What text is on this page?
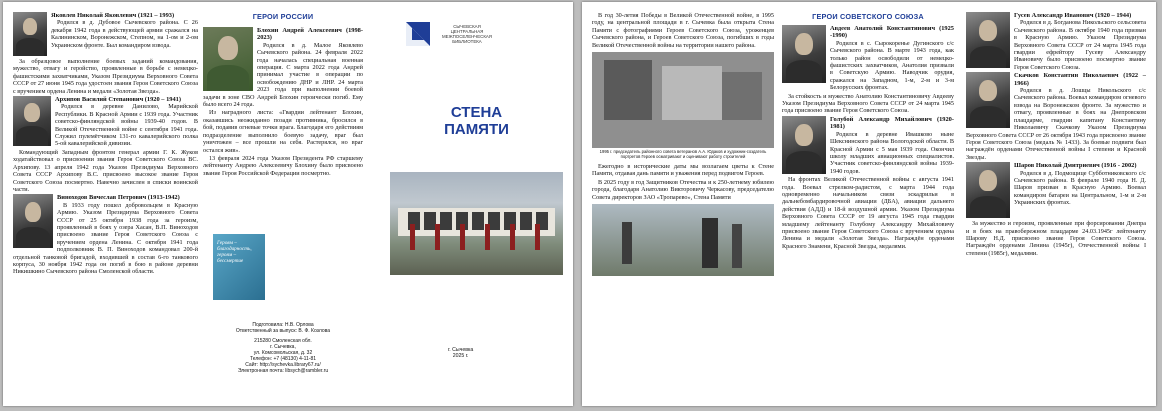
Яковлев Николай Яковлевич (1921 – 1993)

Родился в д. Дубовое Сычевского района. С 26 декабря 1942 года в действующей армии сражался на Калининском, Воронежском, Степном, на 1-ом и 2-ом Украинском фронте. Был командиром взвода.

За образцовое выполнение боевых заданий командования, мужество, отвагу и геройство, проявленные в борьбе с немецко-фашистскими захватчиками, Указом Президиума Верховного Совета СССР от 27 июня 1945 года удостоен звания Героя Советского Союза с вручением ордена Ленина и медали «Золотая Звезда».

Архипов Василий Степанович (1920 – 1941)

Родился в деревне Данилово, Марийской Республики. В Красной Армии с 1939 года. Участник советско-финляндской войны 1939-40 годов. В Великой Отечественной войне с сентября 1941 года. Служил пулемётчиком 131-го кавалерийского полка 5-ой кавалерийской дивизии.

Командующий Западным фронтом генерал армии Г. К. Жуков ходатайствовал о присвоении звания Героя Советского Союза ВС. Архипову. 13 апреля 1942 года Указом Президиума Верховного Совета СССР Архипову В.С. присвоено высокое звание Героя Советского Союза посмертно. Навечно зачислен в списки воинской части.

Виноходов Вячеслав Петрович (1913-1942)

В 1933 году пошел добровольцем в Красную Армию. Указом Президиума Верховного Совета СССР от 25 октября 1938 года за героизм, проявленный в боях у озера Хасан, В.П. Виноходов присвоено звание Героя Советского Союза с вручением ордена Ленина. С октября 1941 года подполковник В. П. Виноходов командовал 200-й отдельной танковой бригадой, входившей в состав 6-го танкового корпуса, 30 ноября 1942 года он погиб в бою в районе деревни Никишкино Сычевского района Смоленской области.

ГЕРОИ РОССИИ
Блохин Андрей Алексеевич (1998-2023)

Родился в д. Малое Яковлево Сычевского района. 24 февраля 2022 года началась специальная военная операция. С марта 2022 года Андрей принимал участие в операции по освобождению ДНР и ЛНР. 24 марта 2023 года при выполнении боевой задачи в зоне СВО Андрей Блохин героически погиб. Ему было всего 24 года.

Из наградного листа: «Гвардии лейтенант Блохин, оказавшись неожиданно позади противника, бросился в бой, подавив огневые точки врага. Благодаря его действиям подразделение выполнило боевую задачу, враг был уничтожен – все прошли на себя. Растерялся, но враг остался жив».

13 февраля 2024 года Указом Президента РФ старшему лейтенанту Андрею Алексеевичу Блохину было присвоено звание Героя Российской Федерации посмертно.

Героям – благодарность, героям – бессмертие
Подготовила: Н.В. Орлова
Ответственный за выпуск: В. Ф. Козлова
215280 Смоленская обл.
г. Сычевка,
ул. Комсомольская, д. 32
Телефон: +7 (48130) 4-11-81
Сайт: http://sychevka.library67.ru/
Электронная почта: libsych@rambler.ru
СЫЧЕВСКАЯ ЦЕНТРАЛЬНАЯ МЕЖПОСЕЛЕНЧЕСКАЯ БИБЛИОТЕКА
СТЕНА
ПАМЯТИ
г. Сычевка
2025 г.

В год 30-летия Победы в Великой Отечественной войне, в 1995 году, на центральной площади в г. Сычевка была открыта Стена Памяти с фотографиями Героев Советского Союза, уроженцев Сычевского района, и Героев Советского Союза, погибших в годы Великой Отечественной войны на территории нашего района.

1995 г. председатель районного совета ветеранов А.А. Юдаков и художник-создатель портретов Героев осматривают и оценивают работу строителей

Ежегодно в исторические даты мы возлагаем цветы к Стене Памяти, отдавая дань памяти и уважения перед подвигом Героев.

В 2025 году в год Защитников Отечества и к 250-летнему юбилею города, благодаря Анатолию Викторовичу Черкасову, председателю Совета директоров ЗАО «Тропарево», Стена Памяти

ГЕРОИ СОВЕТСКОГО СОЮЗА
Авдеев Анатолий Константинович (1925 -1990)

Родился в с. Сырокоренье Дугинского с/с Сычевского района. В марте 1943 года, как только район освободили от немецко-фашистских захватчиков, Анатолия призвали в Советскую Армию. Наводчик орудия, сражался на Западном, 1-м, 2-м и 3-м Белорусских фронтах.

За стойкость и мужество Анатолию Константиновичу Авдееву Указом Президиума Верховного Совета СССР от 24 марта 1945 года присвоено звание Героя Советского Союза.

Голубой Александр Михайлович (1920-1981)

Родился в деревне Ивашково ныне Шекснинского района Вологодской области. В Красной Армии с 5 мая 1939 года. Окончил школу младших авиационных специалистов. Участник советско-финляндской войны 1939-1940 годов.

На фронтах Великой Отечественной войны с августа 1941 года. Воевал стрелком-радистом, с марта 1944 года одновременно начальником связи эскадрильи в дальнебомбардировочной авиации (ДБА), авиации дальнего действия (АДД) и 18-й воздушной армии. Указом Президиума Верховного Совета СССР от 19 августа 1945 года гвардии младшему лейтенанту Голубому Александру Михайловичу присвоено звание Героя Советского Союза с вручением ордена Ленина и медали «Золотая Звезда». Награждён орденами Красного Знамени, Красной Звезды, медалями.

Гусев Александр Иванович (1920 – 1944)

Родился в д. Богданова Никольского сельсовета Сычевского района. В октябре 1940 года призван в Красную Армию. Указом Президиума Верховного Совета СССР от 24 марта 1945 года гвардии ефрейтору Гусеву Александру Ивановичу было присвоено посмертно звание Героя Советского Союза.

Скачков Константин Николаевич (1922 –1966)

Родился в д. Лошцы Никольского с/с Сычевского района. Воевал командиром огневого взвода на Воронежском фронте. За мужество и отвагу, проявленные в боях на Днепровском плацдарме, гвардии капитану Константину Николаевичу Скачкову Указом Президиума Верховного Совета СССР от 26 октября 1943 года присвоено звание Героя Советского Союза (медаль № 1433). За боевые подвиги был награждён орденами Отечественной войны I степени и Красной Звезды.

Шаров Николай Дмитриевич (1916 - 2002)

Родился в д. Подмощице Субботниковского с/с Сычевского района. В феврале 1940 года Н. Д. Шаров призван в Красную Армию. Воевал командиром батареи на Центральном, 1-м и 2-м Украинских фронтах.

За мужество и героизм, проявленные при форсировании Днепра и в боях на правобережном плацдарме 24.03.1945г лейтенанту Шарову Н.Д. присвоено звание Героя Советского Союза. Награждён орденами Ленина (1945г), Отечественной войны I степени (1985г), медалями.
